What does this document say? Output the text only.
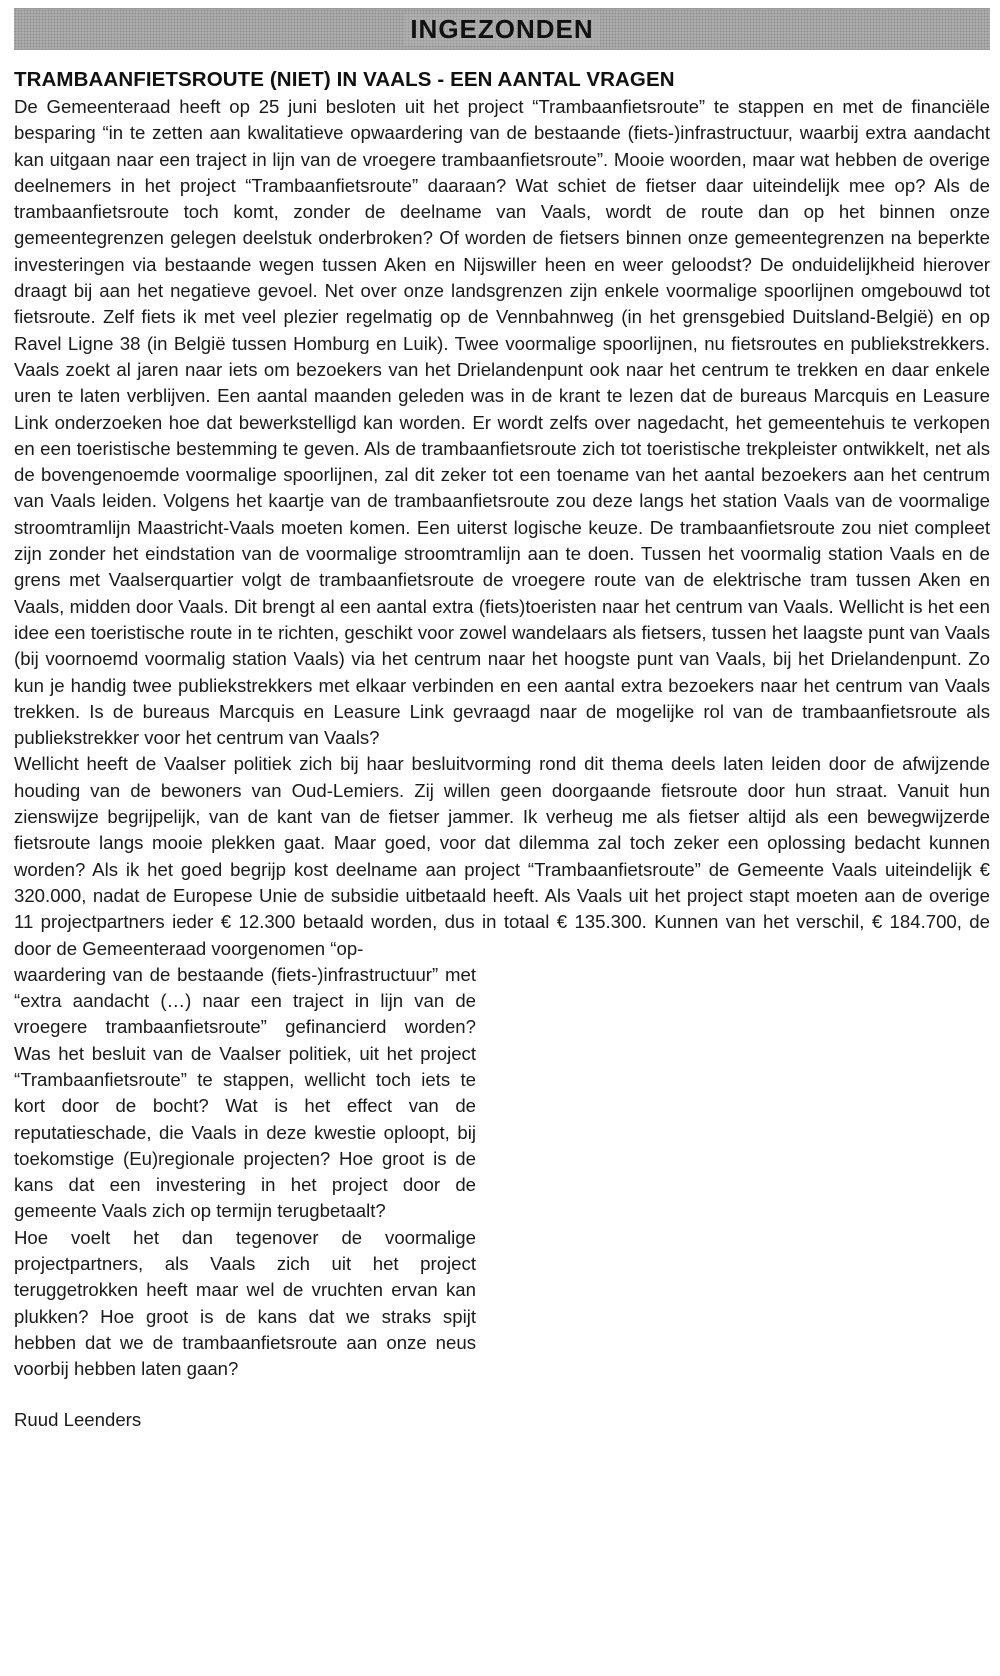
INGEZONDEN
TRAMBAANFIETSROUTE (NIET) IN VAALS - EEN AANTAL VRAGEN

De Gemeenteraad heeft op 25 juni besloten uit het project “Trambaanfietsroute” te stappen en met de financiële besparing “in te zetten aan kwalitatieve opwaardering van de bestaande (fiets-)infrastructuur, waarbij extra aandacht kan uitgaan naar een traject in lijn van de vroegere trambaanfietsroute”. Mooie woorden, maar wat hebben de overige deelnemers in het project “Trambaanfietsroute” daaraan? Wat schiet de fietser daar uiteindelijk mee op? Als de trambaanfietsroute toch komt, zonder de deelname van Vaals, wordt de route dan op het binnen onze gemeentegrenzen gelegen deelstuk onderbroken? Of worden de fietsers binnen onze gemeentegrenzen na beperkte investeringen via bestaande wegen tussen Aken en Nijswiller heen en weer geloodst? De onduidelijkheid hierover draagt bij aan het negatieve gevoel. Net over onze landsgrenzen zijn enkele voormalige spoorlijnen omgebouwd tot fietsroute. Zelf fiets ik met veel plezier regelmatig op de Vennbahnweg (in het grensgebied Duitsland-België) en op Ravel Ligne 38 (in België tussen Homburg en Luik). Twee voormalige spoorlijnen, nu fietsroutes en publiekstrekkers. Vaals zoekt al jaren naar iets om bezoekers van het Drielandenpunt ook naar het centrum te trekken en daar enkele uren te laten verblijven. Een aantal maanden geleden was in de krant te lezen dat de bureaus Marcquis en Leasure Link onderzoeken hoe dat bewerkstelligd kan worden. Er wordt zelfs over nagedacht, het gemeentehuis te verkopen en een toeristische bestemming te geven. Als de trambaanfietsroute zich tot toeristische trekpleister ontwikkelt, net als de bovengenoemde voormalige spoorlijnen, zal dit zeker tot een toename van het aantal bezoekers aan het centrum van Vaals leiden. Volgens het kaartje van de trambaanfietsroute zou deze langs het station Vaals van de voormalige stroomtramlijn Maastricht-Vaals moeten komen. Een uiterst logische keuze. De trambaanfietsroute zou niet compleet zijn zonder het eindstation van de voormalige stroomtramlijn aan te doen. Tussen het voormalig station Vaals en de grens met Vaalserquartier volgt de trambaanfietsroute de vroegere route van de elektrische tram tussen Aken en Vaals, midden door Vaals. Dit brengt al een aantal extra (fiets)toeristen naar het centrum van Vaals. Wellicht is het een idee een toeristische route in te richten, geschikt voor zowel wandelaars als fietsers, tussen het laagste punt van Vaals (bij voornoemd voormalig station Vaals) via het centrum naar het hoogste punt van Vaals, bij het Drielandenpunt. Zo kun je handig twee publiekstrekkers met elkaar verbinden en een aantal extra bezoekers naar het centrum van Vaals trekken. Is de bureaus Marcquis en Leasure Link gevraagd naar de mogelijke rol van de trambaanfietsroute als publiekstrekker voor het centrum van Vaals?

Wellicht heeft de Vaalser politiek zich bij haar besluitvorming rond dit thema deels laten leiden door de afwijzende houding van de bewoners van Oud-Lemiers. Zij willen geen doorgaande fietsroute door hun straat. Vanuit hun zienswijze begrijpelijk, van de kant van de fietser jammer. Ik verheug me als fietser altijd als een bewegwijzerde fietsroute langs mooie plekken gaat. Maar goed, voor dat dilemma zal toch zeker een oplossing bedacht kunnen worden? Als ik het goed begrijp kost deelname aan project “Trambaanfietsroute” de Gemeente Vaals uiteindelijk € 320.000, nadat de Europese Unie de subsidie uitbetaald heeft. Als Vaals uit het project stapt moeten aan de overige 11 projectpartners ieder € 12.300 betaald worden, dus in totaal € 135.300. Kunnen van het verschil, € 184.700, de door de Gemeenteraad voorgenomen “op-

waardering van de bestaande (fiets-)infrastructuur” met “extra aandacht (…) naar een traject in lijn van de vroegere trambaanfietsroute” gefinancierd worden? Was het besluit van de Vaalser politiek, uit het project “Trambaanfietsroute” te stappen, wellicht toch iets te kort door de bocht? Wat is het effect van de reputatieschade, die Vaals in deze kwestie oploopt, bij toekomstige (Eu)regionale projecten? Hoe groot is de kans dat een investering in het project door de gemeente Vaals zich op termijn terugbetaalt?

Hoe voelt het dan tegenover de voormalige projectpartners, als Vaals zich uit het project teruggetrokken heeft maar wel de vruchten ervan kan plukken? Hoe groot is de kans dat we straks spijt hebben dat we de trambaanfietsroute aan onze neus voorbij hebben laten gaan?

Ruud Leenders
